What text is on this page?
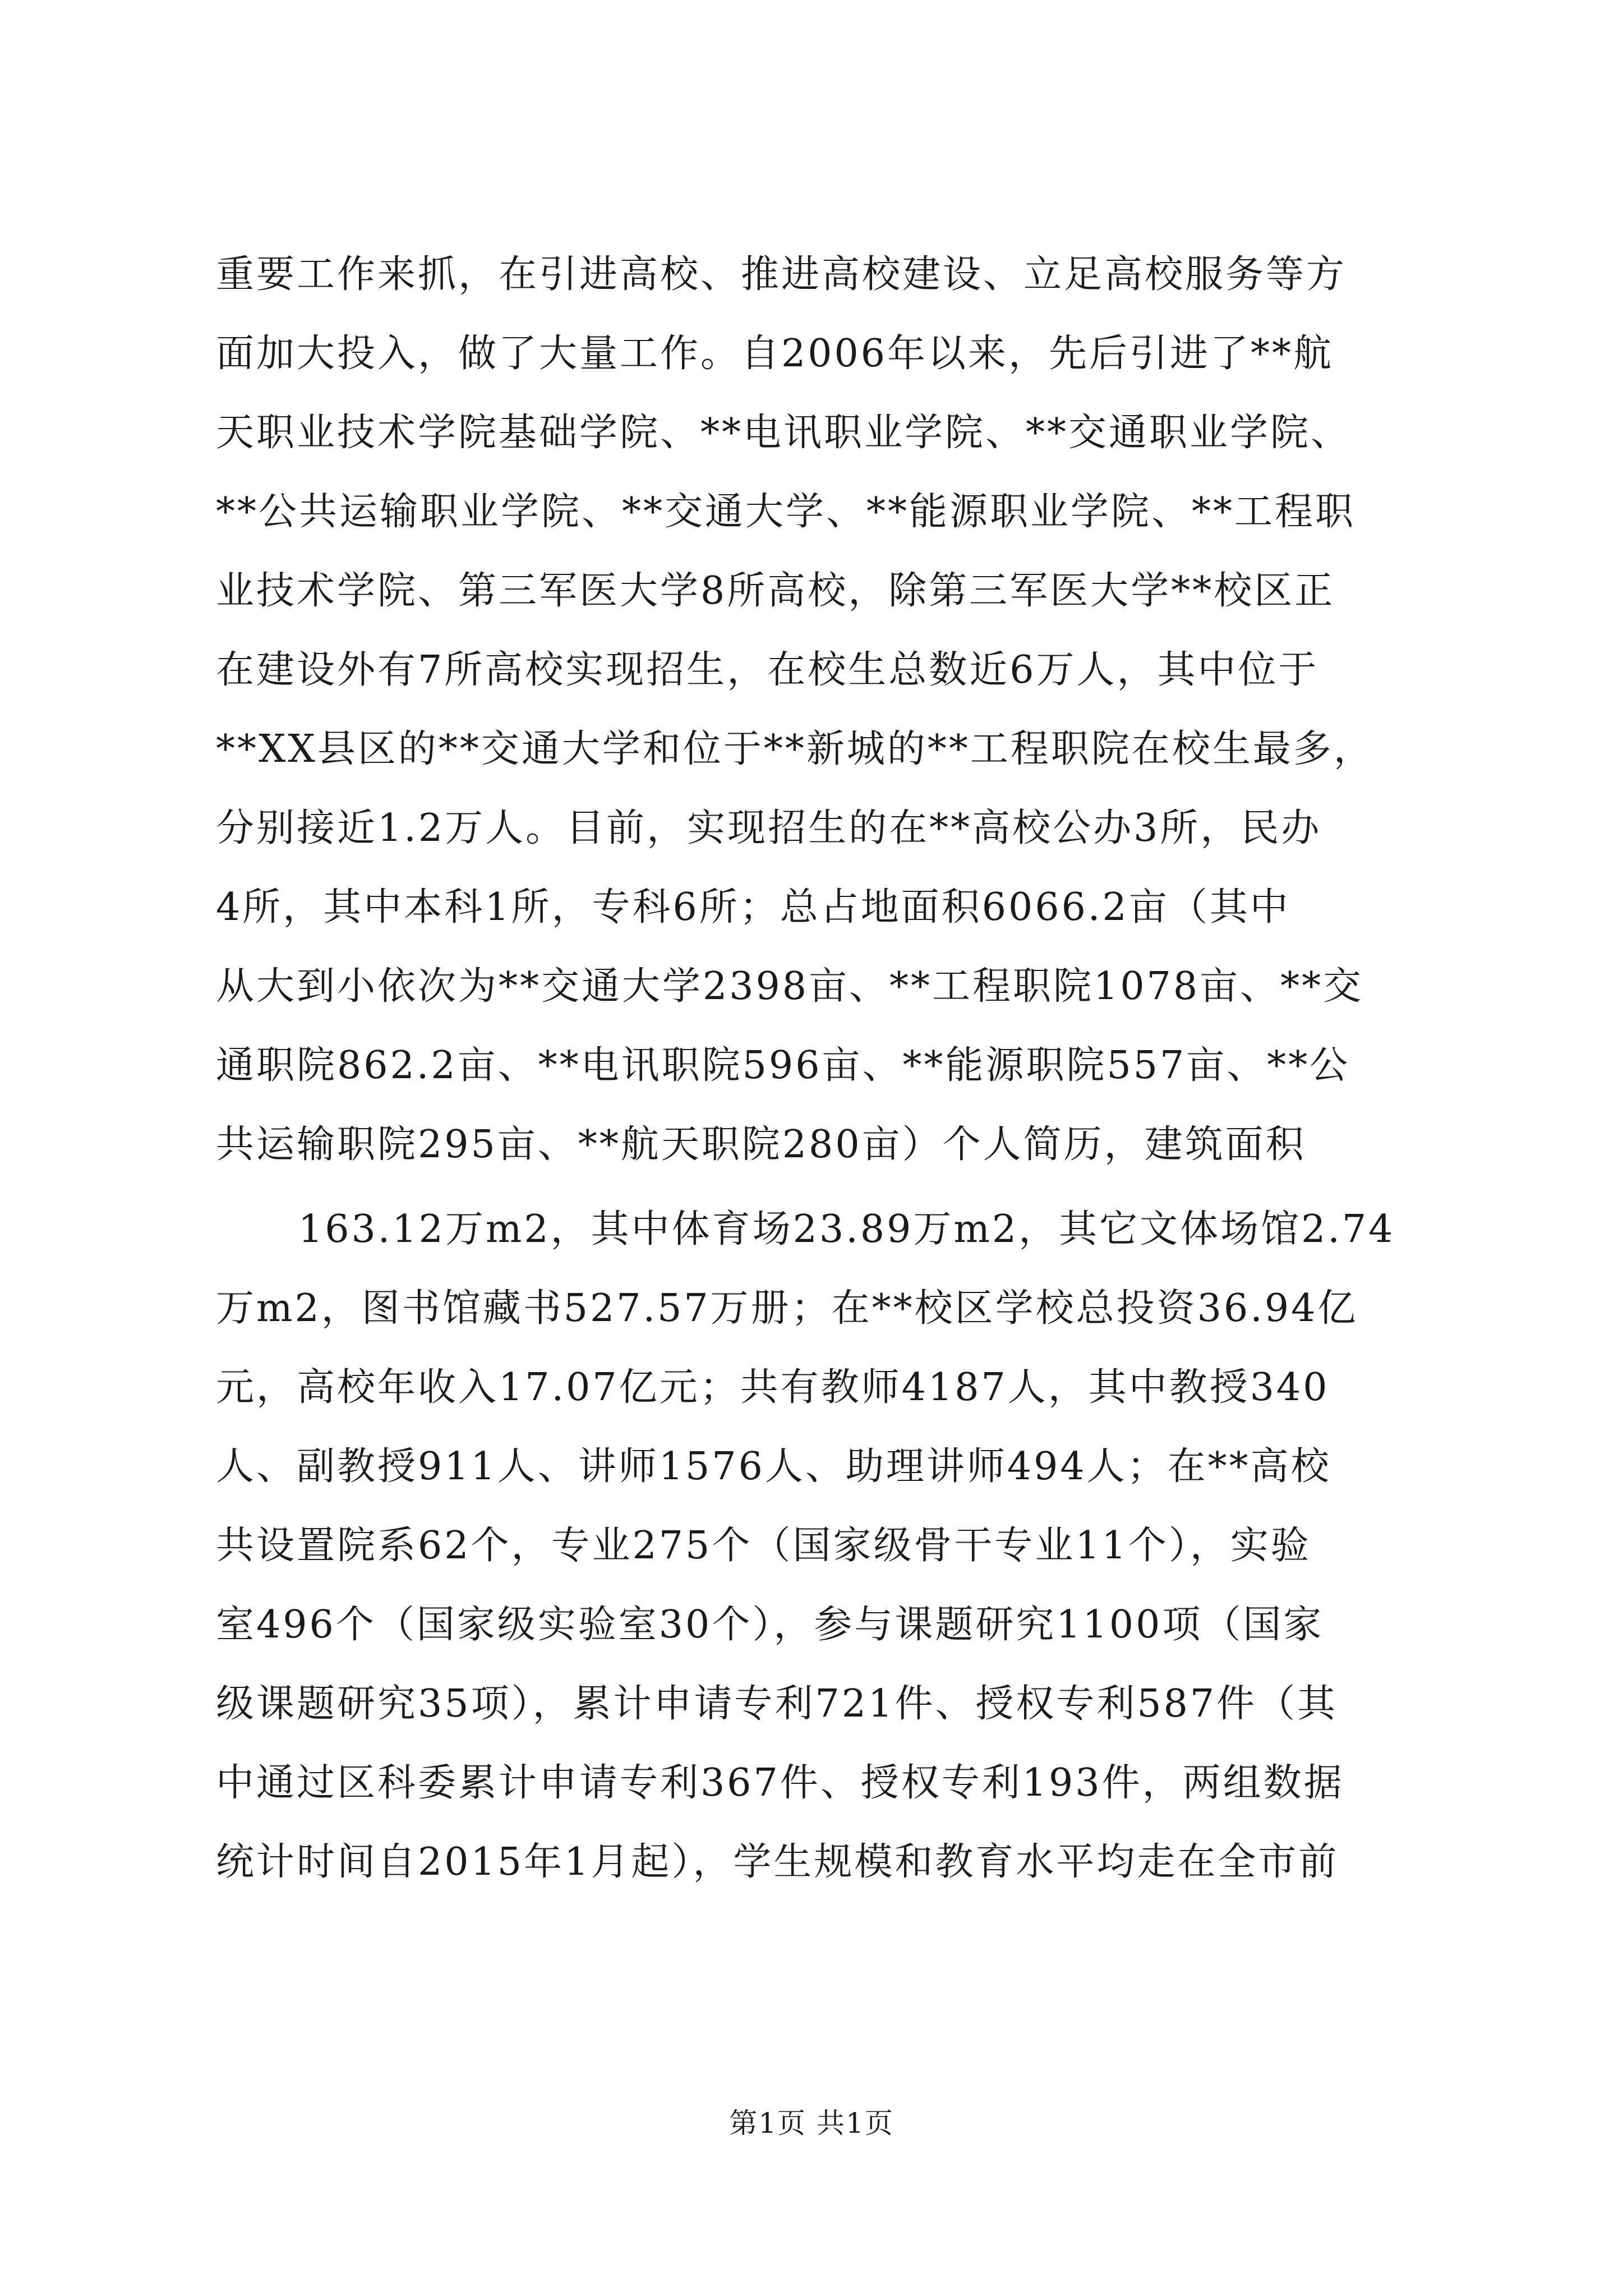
重要工作来抓，在引进高校、推进高校建设、立足高校服务等方
面加大投入，做了大量工作。自2006年以来，先后引进了**航
天职业技术学院基础学院、**电讯职业学院、**交通职业学院、
**公共运输职业学院、**交通大学、**能源职业学院、**工程职
业技术学院、第三军医大学8所高校，除第三军医大学**校区正
在建设外有7所高校实现招生，在校生总数近6万人，其中位于
**XX县区的**交通大学和位于**新城的**工程职院在校生最多，
分别接近1.2万人。目前，实现招生的在**高校公办3所，民办
4所，其中本科1所，专科6所；总占地面积6066.2亩（其中
从大到小依次为**交通大学2398亩、**工程职院1078亩、**交
通职院862.2亩、**电讯职院596亩、**能源职院557亩、**公
共运输职院295亩、**航天职院280亩）个人简历，建筑面积
163.12万m2，其中体育场23.89万m2，其它文体场馆2.74
万m2，图书馆藏书527.57万册；在**校区学校总投资36.94亿
元，高校年收入17.07亿元；共有教师4187人，其中教授340
人、副教授911人、讲师1576人、助理讲师494人；在**高校
共设置院系62个，专业275个（国家级骨干专业11个），实验
室496个（国家级实验室30个），参与课题研究1100项（国家
级课题研究35项），累计申请专利721件、授权专利587件（其
中通过区科委累计申请专利367件、授权专利193件，两组数据
统计时间自2015年1月起），学生规模和教育水平均走在全市前
第1页 共1页
